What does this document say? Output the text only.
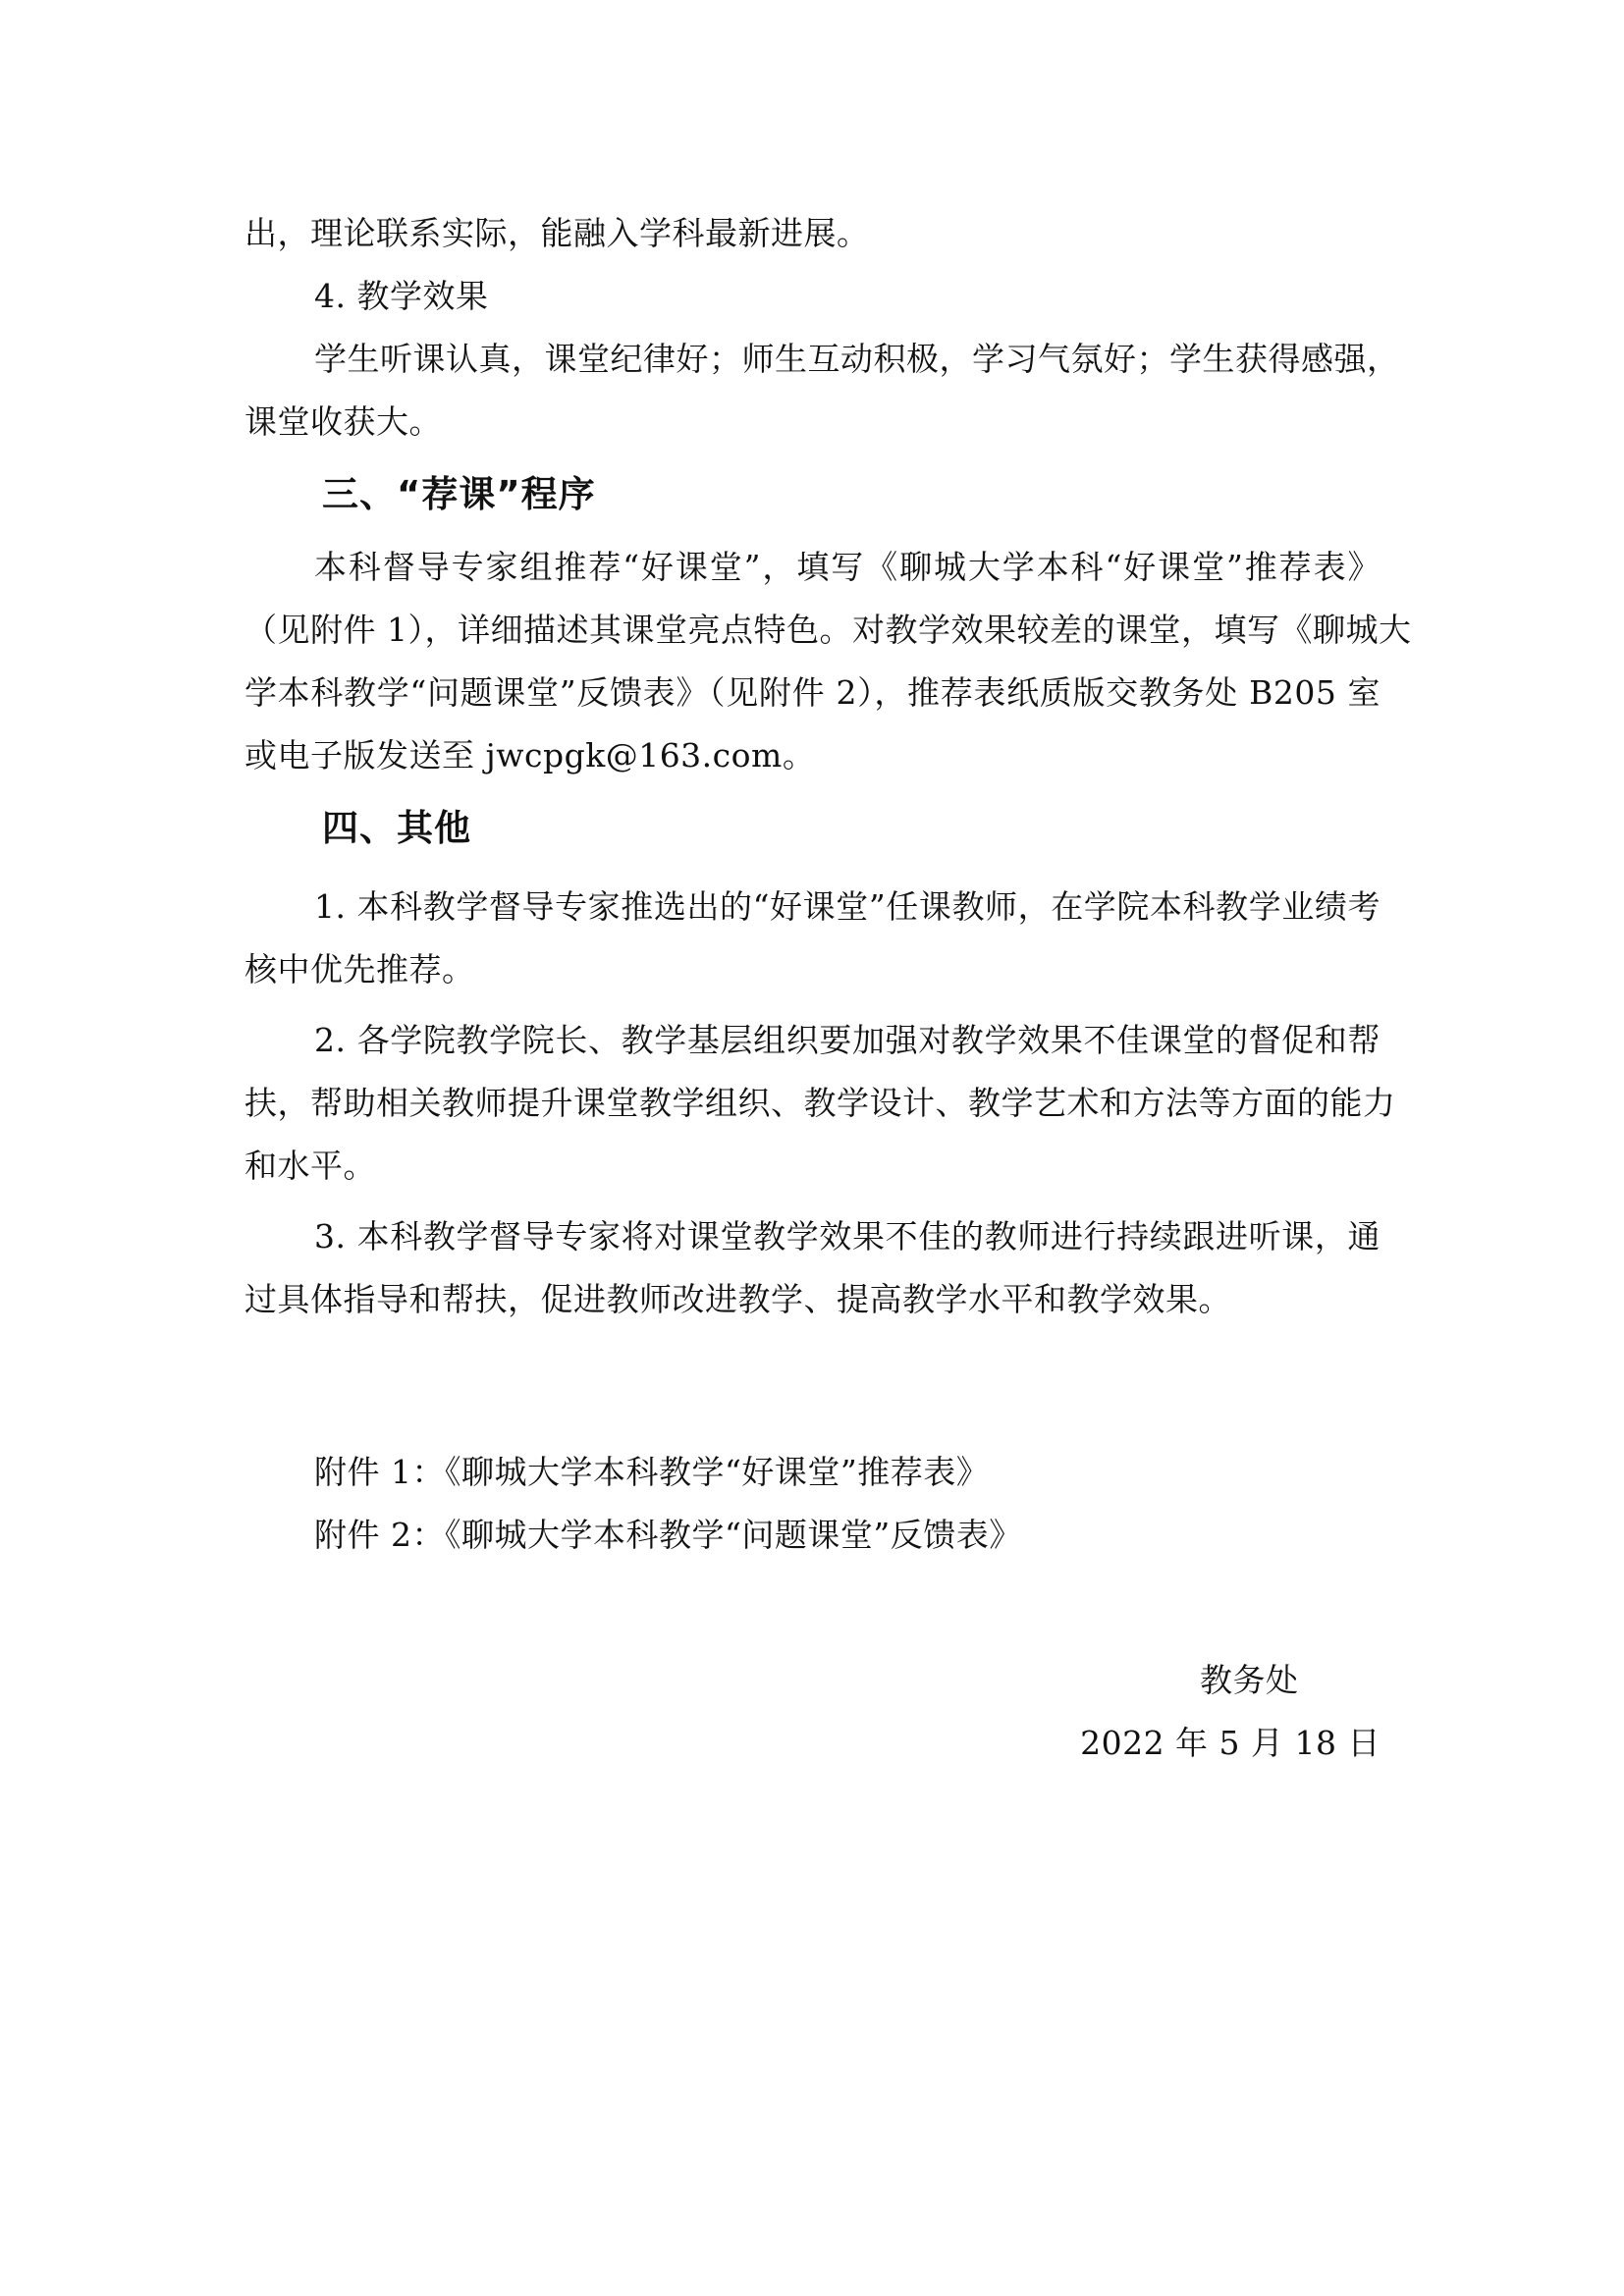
出，理论联系实际，能融入学科最新进展。
4. 教学效果
学生听课认真，课堂纪律好；师生互动积极，学习气氛好；学生获得感强，
课堂收获大。
三、“荐课”程序
本科督导专家组推荐“好课堂”，填写《聊城大学本科“好课堂”推荐表》
（见附件 1），详细描述其课堂亮点特色。对教学效果较差的课堂，填写《聊城大
学本科教学“问题课堂”反馈表》（见附件 2），推荐表纸质版交教务处 B205 室
或电子版发送至 jwcpgk@163.com。
四、其他
1. 本科教学督导专家推选出的“好课堂”任课教师，在学院本科教学业绩考
核中优先推荐。
2. 各学院教学院长、教学基层组织要加强对教学效果不佳课堂的督促和帮
扶，帮助相关教师提升课堂教学组织、教学设计、教学艺术和方法等方面的能力
和水平。
3. 本科教学督导专家将对课堂教学效果不佳的教师进行持续跟进听课，通
过具体指导和帮扶，促进教师改进教学、提高教学水平和教学效果。
附件 1：《聊城大学本科教学“好课堂”推荐表》
附件 2：《聊城大学本科教学“问题课堂”反馈表》
教务处
2022 年 5 月 18 日
